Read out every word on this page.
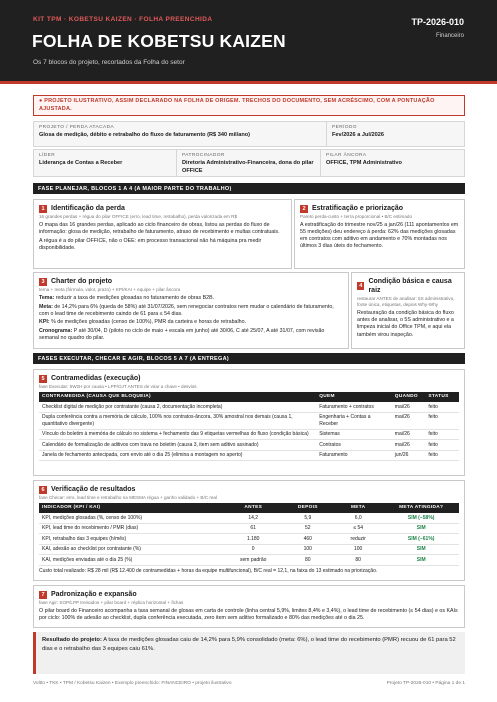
KIT TPM · KOBETSU KAIZEN · FOLHA PREENCHIDA
FOLHA DE KOBETSU KAIZEN
Os 7 blocos do projeto, recortados da Folha do setor
TP-2026-010
Financeiro
● PROJETO ILUSTRATIVO, ASSIM DECLARADO NA FOLHA DE ORIGEM. TRECHOS DO DOCUMENTO, SEM ACRÉSCIMO, COM A PONTUAÇÃO AJUSTADA.
PROJETO / PERDA ATACADA
Glosa de medição, débito e retrabalho do fluxo de faturamento (R$ 340 mil/ano)
PERÍODO
Fev/2026 a Jul/2026
LÍDER
Liderança de Contas a Receber
PATROCINADOR
Diretoria Administrativo-Financeira, dona do pilar OFFICE
PILAR ÂNCORA
OFFICE, TPM Administrativo
FASE PLANEJAR, BLOCOS 1 A 4 (A MAIOR PARTE DO TRABALHO)
1 Identificação da perda
16 grandes perdas + régua do pilar OFFICE (erro, lead time, retrabalho), perda valorizada em R$
O mapa das 16 grandes perdas, aplicado ao ciclo financeiro de obras, listou as perdas do fluxo de informação: glosa de medição, retrabalho de faturamento, atraso de recebimento e multas contratuais.
A régua é a do pilar OFFICE, não o OEE: em processo transacional não há máquina pra medir disponibilidade.
2 Estratificação e priorização
Pareto perda-custo + terra proporcional • B/C estimado
A estratificação do trimestre nov/25 a jan/26 (111 apontamentos em 55 medições) deu endereço à perda: 62% das medições glosadas em contratos com aditivo em andamento e 70% montadas nos últimos 3 dias úteis do fechamento.
3 Charter do projeto
tema + meta (fórmula, valor, prazo) + KPI/KAI + equipe + pilar âncora
Tema: reduzir a taxa de medições glosadas no faturamento de obras B2B.
Meta: de 14,2% para 6% (queda de 58%) até 31/07/2026, sem renegociar contratos nem mudar o calendário de faturamento, com o lead time de recebimento caindo de 61 para ≤ 54 dias.
KPI: % de medições glosadas (censo de 100%), PMR da carteira e horas de retrabalho.
Cronograma: P até 30/04, D (piloto no ciclo de maio + escala em junho) até 30/06, C até 25/07, A até 31/07, com revisão semanal no quadro do pilar.
4
Condição básica e causa raiz
restaurar ANTES de analisar: 5S administrativo, fonte única, etiquetas, depois Why-Why
Restauração da condição básica do fluxo antes de analisar, o 5S administrativo e a limpeza inicial do Office TPM, e aqui ela também virou inspeção.
FASES EXECUTAR, CHECAR E AGIR, BLOCOS 5 A 7 (A ENTREGA)
5 Contramedidas (execução)
fase Executar: 5W2H por causa • LPP/OJT ANTES de virar a chave • desvios
CONTRAMEDIDA (CAUSA QUE BLOQUEIA)	QUEM	QUANDO	STATUS
Checklist digital de medição por contratante (causa 2, documentação incompleta)	Faturamento + contratos	mai/26	feito
Dupla conferência contra a memória de cálculo, 100% nos contratos-âncora, 30% amostral nos demais (causa 1, quantitativo divergente)	Engenharia + Contas a Receber	mai/26	feito
Vínculo do boletim à memória de cálculo no sistema + fechamento das 9 etiquetas vermelhas do fluxo (condição básica)	Sistemas	mai/26	feito
Calendário de formalização de aditivos com trava no boletim (causa 3, item sem aditivo assinado)	Contratos	mai/26	feito
Janela de fechamento antecipada, com envio até o dia 25 (elimina a montagem no aperto)	Faturamento	jun/26	feito
6 Verificação de resultados
fase Checar: erro, lead time e retrabalho na MESMA régua + ganho validado + B/C real
INDICADOR (KPI / KAI)	ANTES	DEPOIS	META	META ATINGIDA?
KPI, medições glosadas (%, censo de 100%)	14,2	5,9	6,0	SIM (−58%)
KPI, lead time do recebimento / PMR (dias)	61	52	≤ 54	SIM
KPI, retrabalho das 3 equipes (h/mês)	1.180	460	reduzir	SIM (−61%)
KAI, adesão ao checklist por contratante (%)	0	100	100	SIM
KAI, medições enviadas até o dia 25 (%)	sem padrão	80	80	SIM
Custo total realizado: R$ 28 mil (R$ 12.400 de contramedidas + horas da equipe multifuncional), B/C real = 12,1, na faixa do 13 estimado na priorização.
7 Padronização e expansão
fase Agir: SOP/LPP treinados + pilar board + réplica horizontal + fichas
O pilar board do Financeiro acompanha a taxa semanal de glosas em carta de controle (linha central 5,9%, limites 8,4% e 3,4%), o lead time de recebimento (≤ 54 dias) e os KAIs por ciclo: 100% de adesão ao checklist, dupla conferência executada, zero item sem aditivo formalizado e 80% das medições até o dia 25.
Resultado do projeto: A taxa de medições glosadas caiu de 14,2% para 5,9% consolidado (meta: 6%), o lead time do recebimento (PMR) recuou de 61 para 52 dias e o retrabalho das 3 equipes caiu 61%.
Voltto • TKK • TPM / Kobetsu Kaizen • Exemplo preenchido: FINANCEIRO • projeto ilustrativo	Projeto TP-2026-010 • Página 1 de 1
